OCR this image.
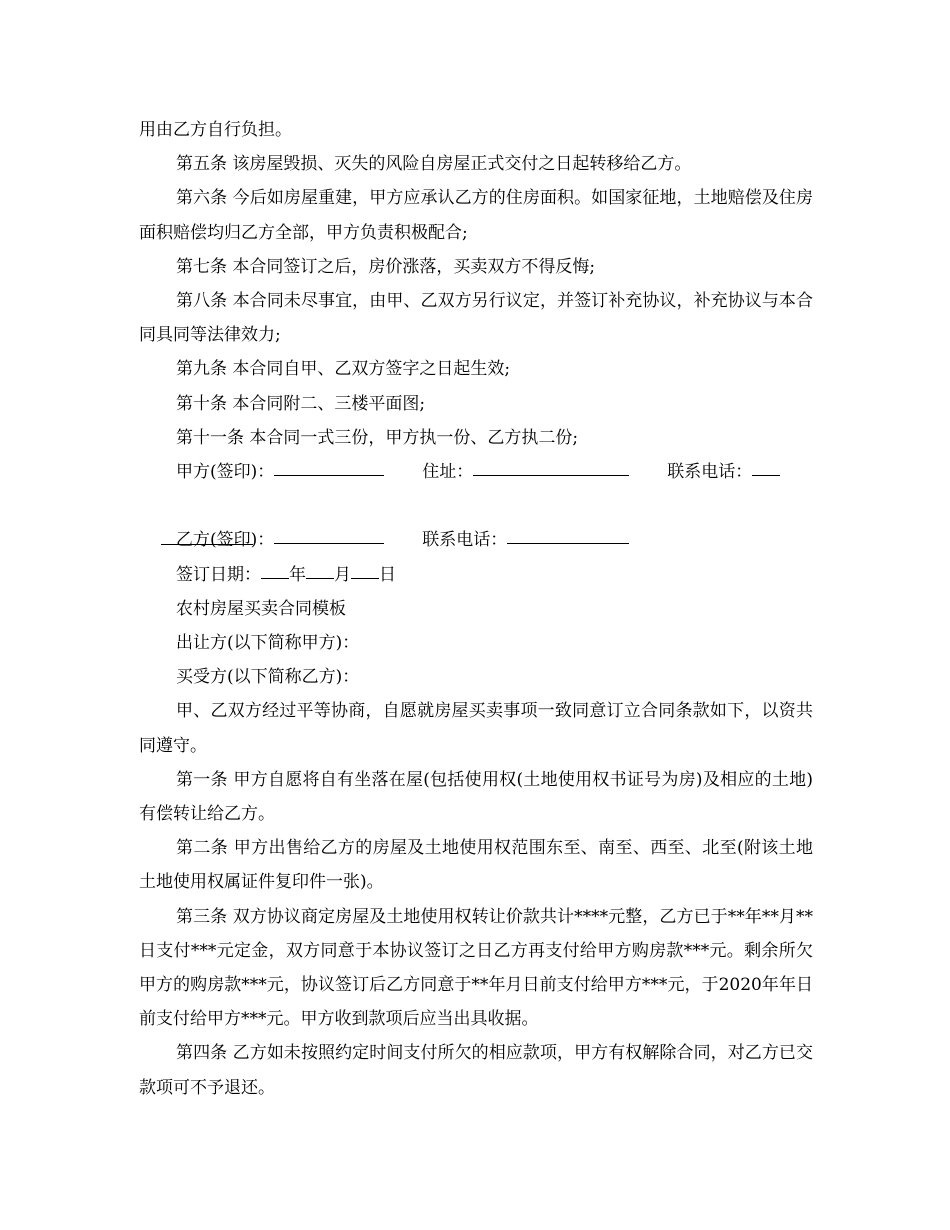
用由乙方自行负担。

第五条 该房屋毁损、灭失的风险自房屋正式交付之日起转移给乙方。

第六条 今后如房屋重建，甲方应承认乙方的住房面积。如国家征地，土地赔偿及住房面积赔偿均归乙方全部，甲方负责积极配合;

第七条 本合同签订之后，房价涨落，买卖双方不得反悔;

第八条 本合同未尽事宜，由甲、乙双方另行议定，并签订补充协议，补充协议与本合同具同等法律效力;

第九条 本合同自甲、乙双方签字之日起生效;

第十条 本合同附二、三楼平面图;

第十一条 本合同一式三份，甲方执一份、乙方执二份;

甲方(签印)：	住址：	联系电话：

乙方(签印)：	联系电话：
签订日期： 年 月 日
农村房屋买卖合同模板
出让方(以下简称甲方)：
买受方(以下简称乙方)：

甲、乙双方经过平等协商，自愿就房屋买卖事项一致同意订立合同条款如下，以资共同遵守。

第一条 甲方自愿将自有坐落在屋(包括使用权(土地使用权书证号为房)及相应的土地)有偿转让给乙方。

第二条 甲方出售给乙方的房屋及土地使用权范围东至、南至、西至、北至(附该土地土地使用权属证件复印件一张)。

第三条 双方协议商定房屋及土地使用权转让价款共计****元整，乙方已于**年**月**日支付***元定金，双方同意于本协议签订之日乙方再支付给甲方购房款***元。剩余所欠甲方的购房款***元，协议签订后乙方同意于**年月日前支付给甲方***元，于2020年年日前支付给甲方***元。甲方收到款项后应当出具收据。

第四条 乙方如未按照约定时间支付所欠的相应款项，甲方有权解除合同，对乙方已交款项可不予退还。
